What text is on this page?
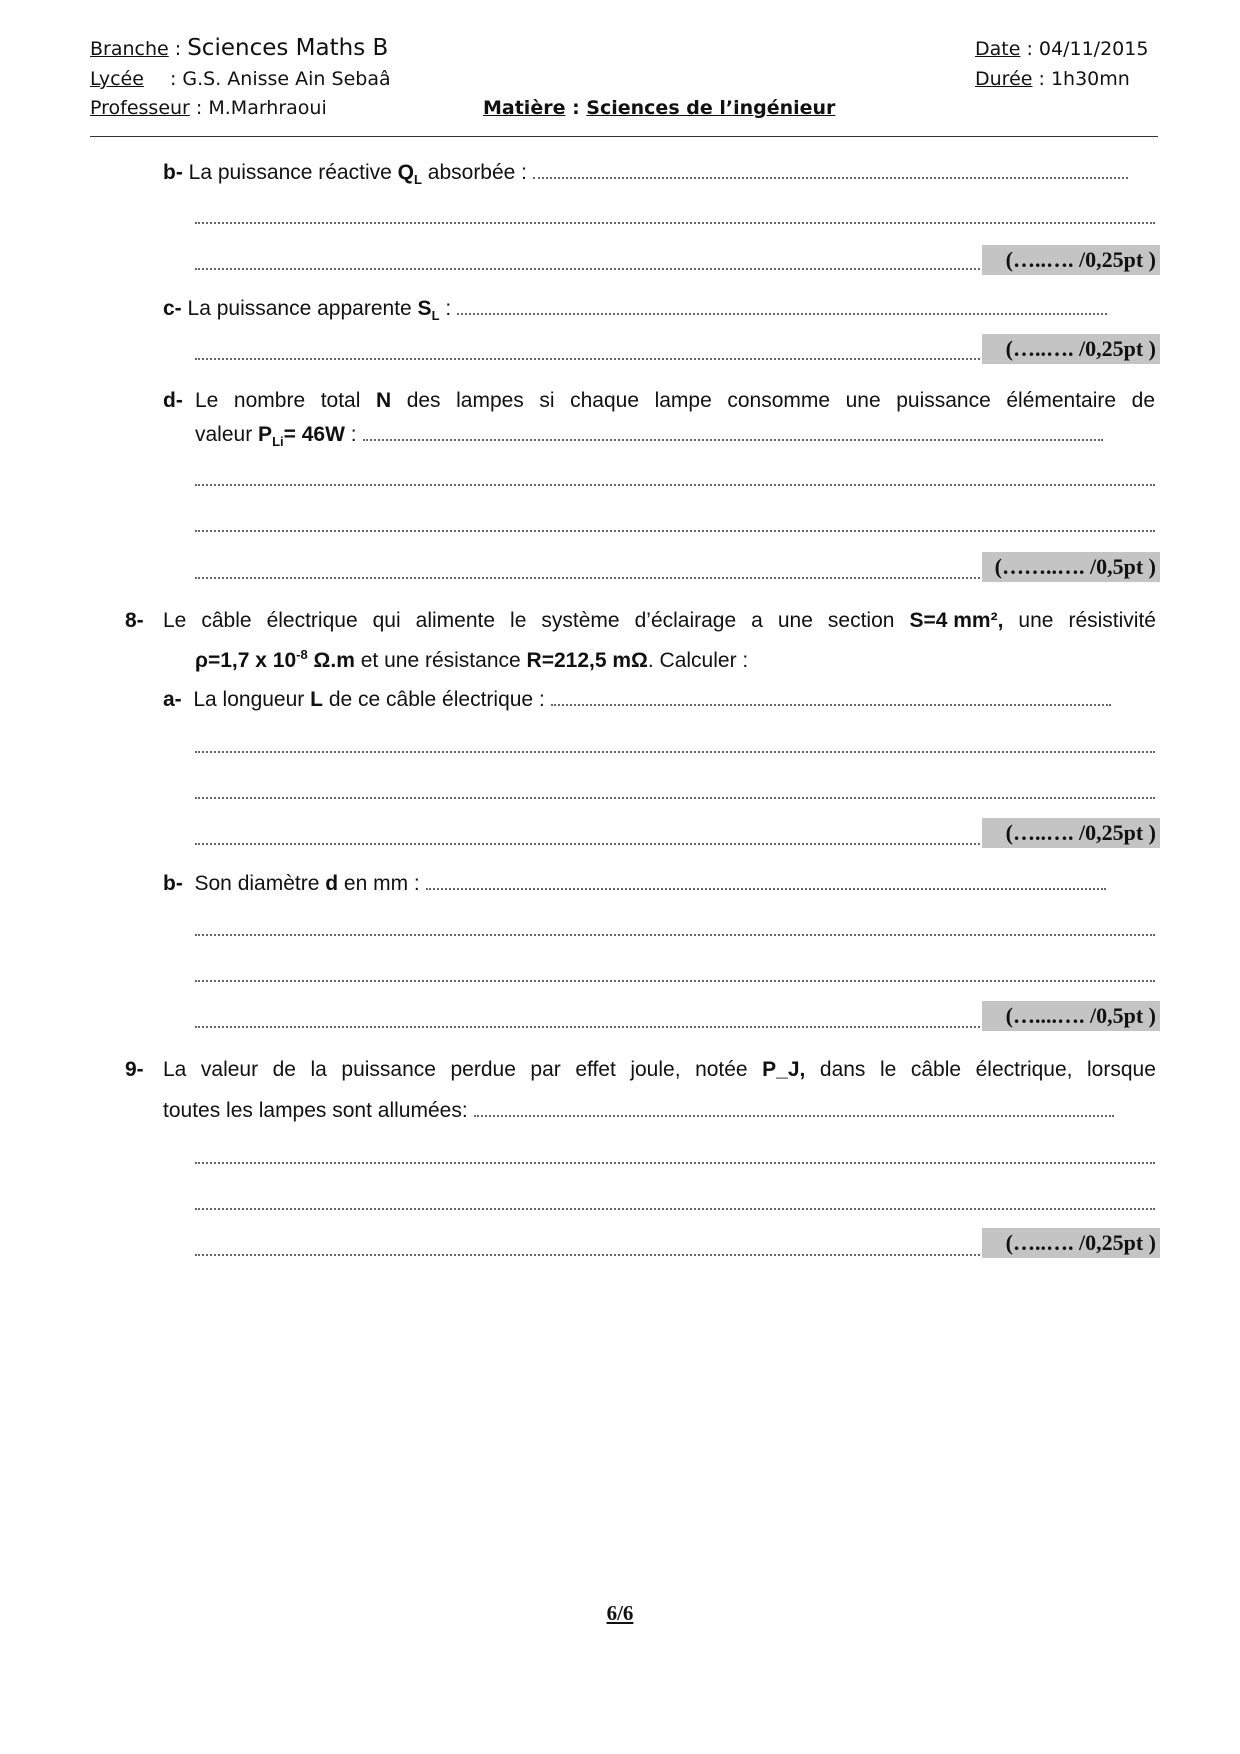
Branche : Sciences Maths B
Lycée : G.S. Anisse Ain Sebaâ
Professeur : M.Marhraoui	Matière : Sciences de l’ingénieur
Date : 04/11/2015
Durée : 1h30mn
b- La puissance réactive $Q_L$ absorbée :
(…..…. /0,25pt )
c- La puissance apparente $S_L$ :
(…..…. /0,25pt )
d- Le nombre total N des lampes si chaque lampe consomme une puissance élémentaire de
valeur $P_{Li}= 46W$ :
(……..…. /0,5pt )
8- Le câble électrique qui alimente le système d’éclairage a une section S=4 mm², une résistivité
ρ=1,7 x $10^{-8}$ Ω.m et une résistance R=212,5 mΩ. Calculer :
a- La longueur L de ce câble électrique :
(…..…. /0,25pt )
b- Son diamètre d en mm :
(…....…. /0,5pt )
9- La valeur de la puissance perdue par effet joule, notée P_J, dans le câble électrique, lorsque
toutes les lampes sont allumées:
(…..…. /0,25pt )
6/6
